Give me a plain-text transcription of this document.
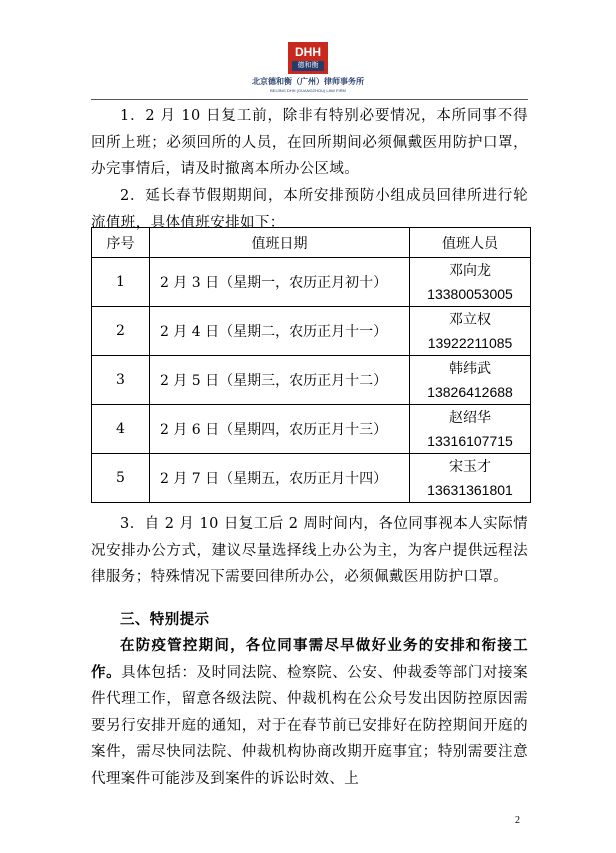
DHH
德和衡
北京德和衡（广州）律师事务所
BEIJING DHH (GUANGZHOU) LAW FIRM

1．2 月 10 日复工前，除非有特别必要情况，本所同事不得回所上班；必须回所的人员，在回所期间必须佩戴医用防护口罩，办完事情后，请及时撤离本所办公区域。

2．延长春节假期期间，本所安排预防小组成员回律所进行轮流值班，具体值班安排如下：

序号	值班日期	值班人员
1	2 月 3 日（星期一，农历正月初十）	邓向龙
13380053005

2	2 月 4 日（星期二，农历正月十一）	邓立权
13922211085

3	2 月 5 日（星期三，农历正月十二）	韩纬武
13826412688

4	2 月 6 日（星期四，农历正月十三）	赵绍华
13316107715

5	2 月 7 日（星期五，农历正月十四）	宋玉才
13631361801

3．自 2 月 10 日复工后 2 周时间内，各位同事视本人实际情况安排办公方式，建议尽量选择线上办公为主，为客户提供远程法律服务；特殊情况下需要回律所办公，必须佩戴医用防护口罩。

三、特别提示

在防疫管控期间，各位同事需尽早做好业务的安排和衔接工作。具体包括：及时同法院、检察院、公安、仲裁委等部门对接案件代理工作，留意各级法院、仲裁机构在公众号发出因防控原因需要另行安排开庭的通知，对于在春节前已安排好在防控期间开庭的案件，需尽快同法院、仲裁机构协商改期开庭事宜；特别需要注意代理案件可能涉及到案件的诉讼时效、上

2
